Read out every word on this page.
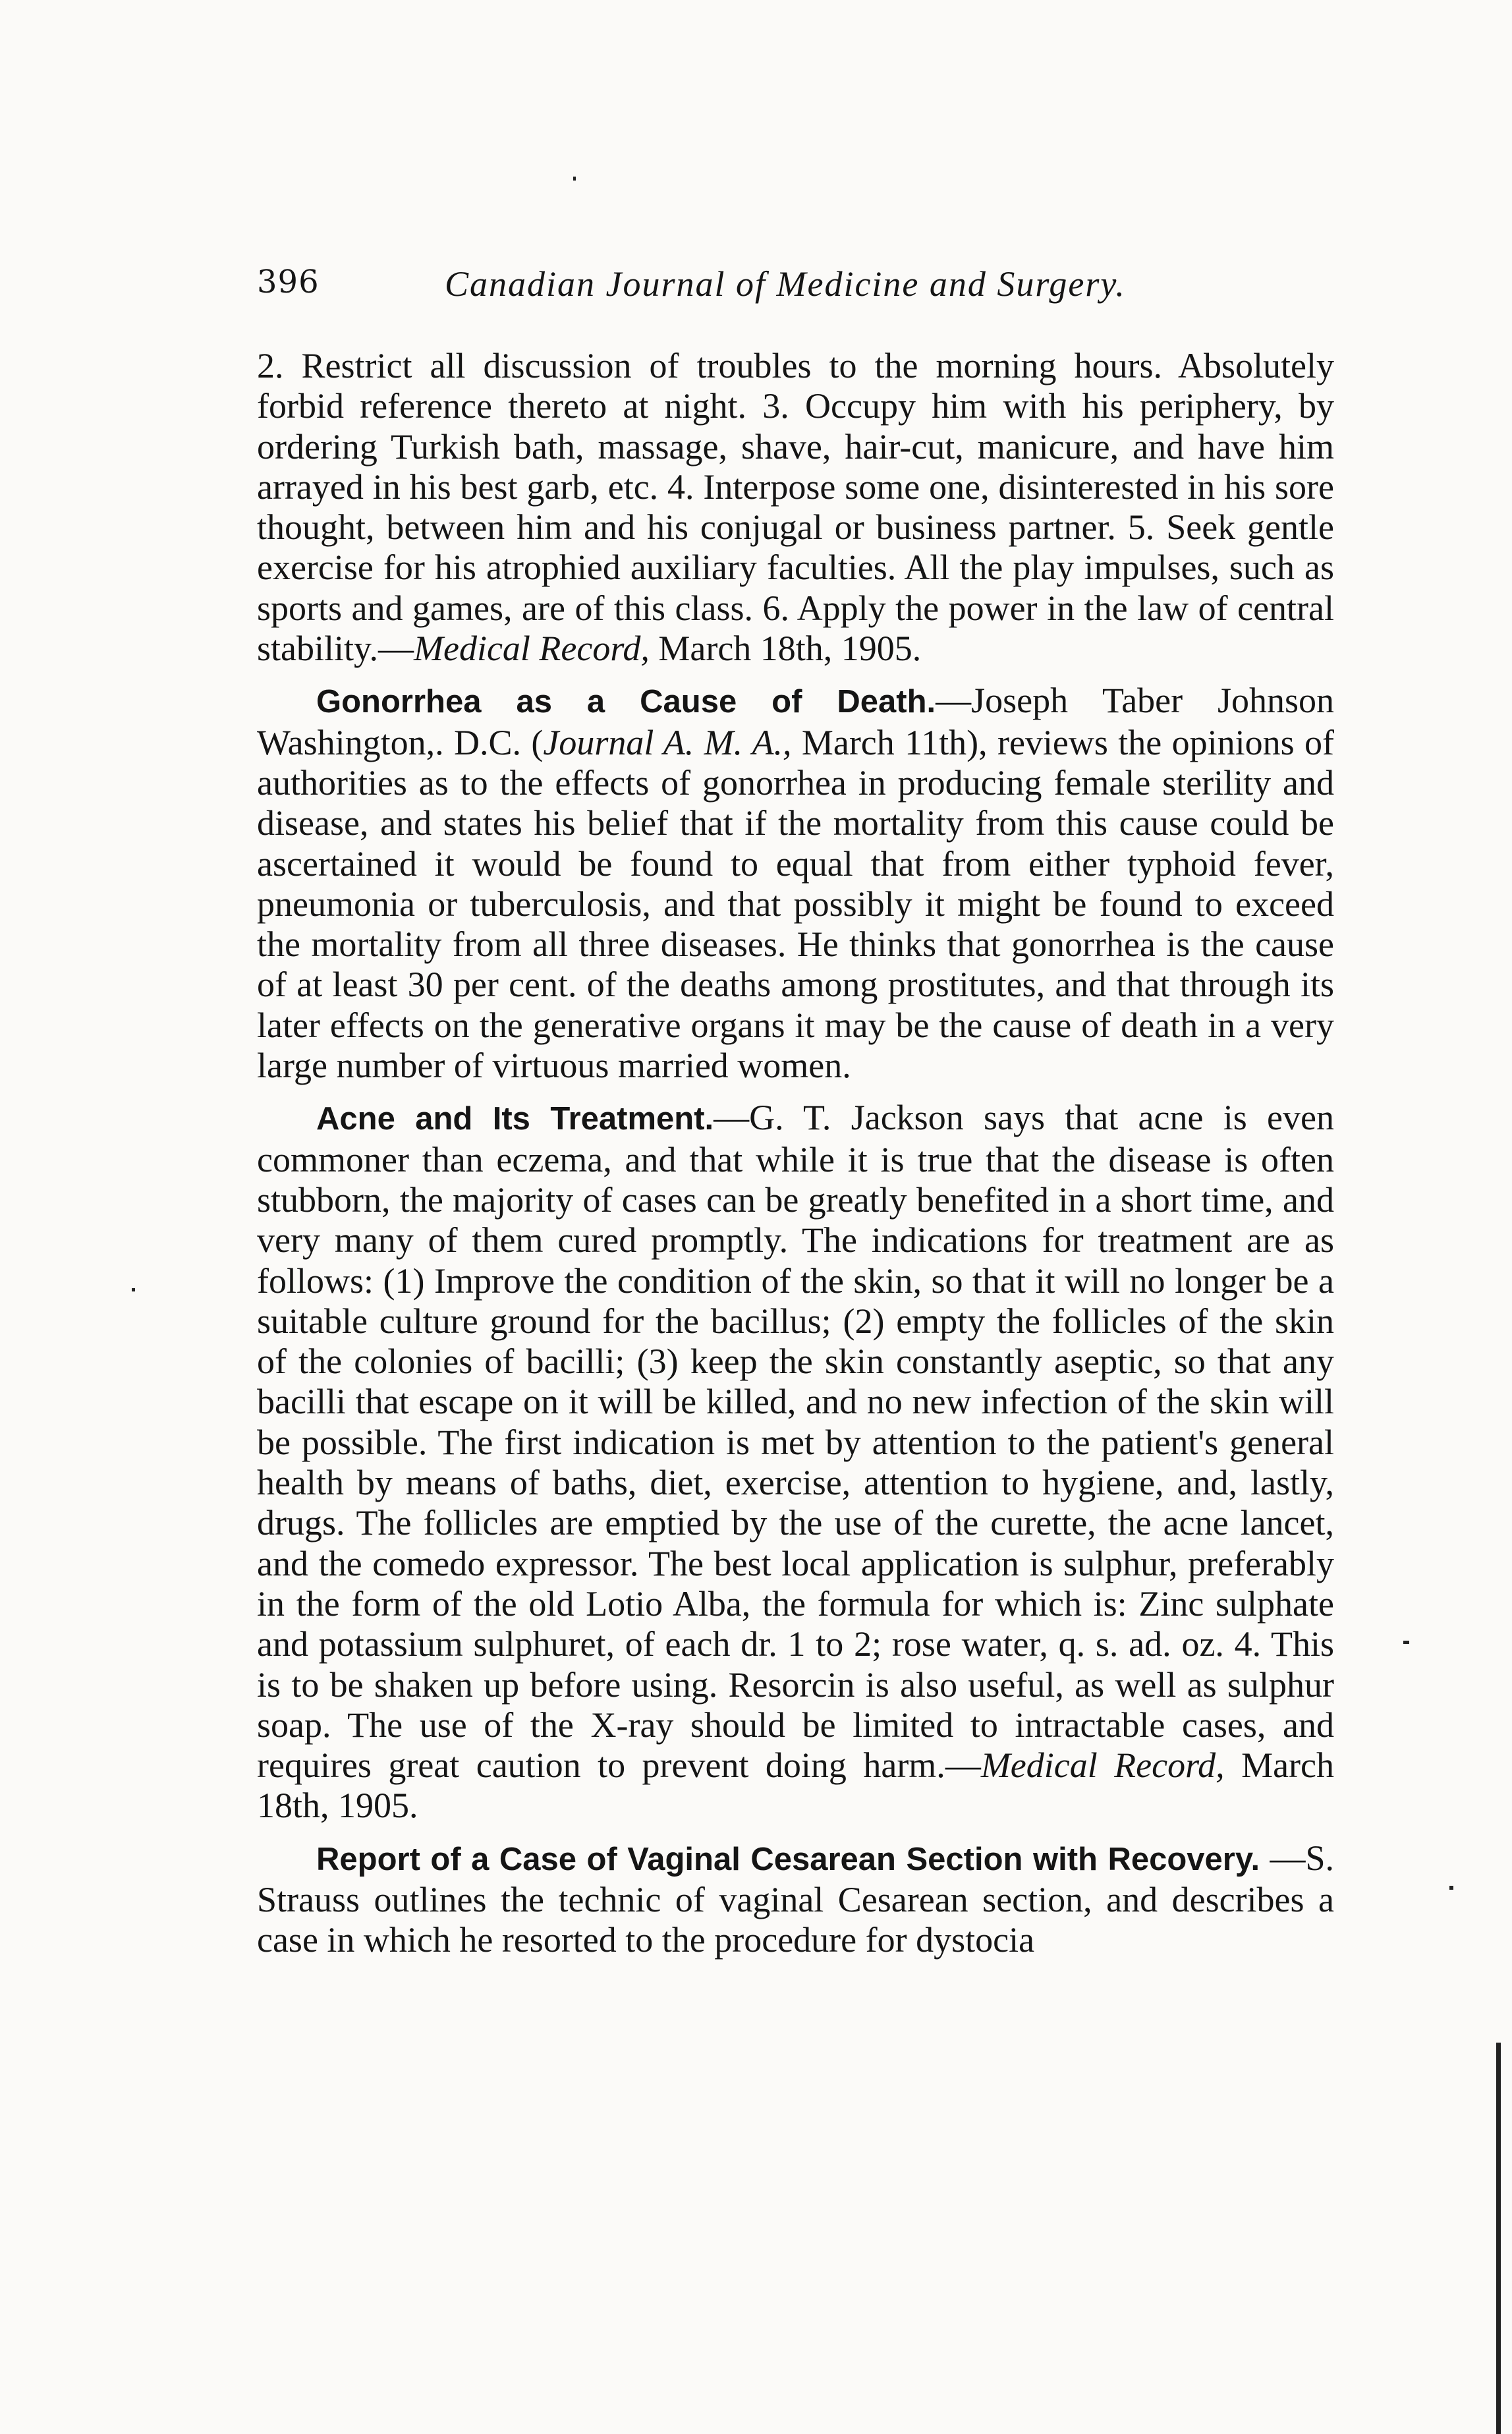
396	Canadian Journal of Medicine and Surgery.

2. Restrict all discussion of troubles to the morning hours. Absolutely forbid reference thereto at night. 3. Occupy him with his periphery, by ordering Turkish bath, massage, shave, hair-cut, manicure, and have him arrayed in his best garb, etc. 4. Interpose some one, disinterested in his sore thought, between him and his conjugal or business partner. 5. Seek gentle exercise for his atrophied auxiliary faculties. All the play impulses, such as sports and games, are of this class. 6. Apply the power in the law of central stability.—Medical Record, March 18th, 1905.

Gonorrhea as a Cause of Death.—Joseph Taber Johnson Washington,. D.C. (Journal A. M. A., March 11th), reviews the opinions of authorities as to the effects of gonorrhea in producing female sterility and disease, and states his belief that if the mortality from this cause could be ascertained it would be found to equal that from either typhoid fever, pneumonia or tuberculosis, and that possibly it might be found to exceed the mortality from all three diseases. He thinks that gonorrhea is the cause of at least 30 per cent. of the deaths among prostitutes, and that through its later effects on the generative organs it may be the cause of death in a very large number of virtuous married women.

Acne and Its Treatment.—G. T. Jackson says that acne is even commoner than eczema, and that while it is true that the disease is often stubborn, the majority of cases can be greatly benefited in a short time, and very many of them cured promptly. The indications for treatment are as follows: (1) Improve the condition of the skin, so that it will no longer be a suitable culture ground for the bacillus; (2) empty the follicles of the skin of the colonies of bacilli; (3) keep the skin constantly aseptic, so that any bacilli that escape on it will be killed, and no new infection of the skin will be possible. The first indication is met by attention to the patient's general health by means of baths, diet, exercise, attention to hygiene, and, lastly, drugs. The follicles are emptied by the use of the curette, the acne lancet, and the comedo expressor. The best local application is sulphur, preferably in the form of the old Lotio Alba, the formula for which is: Zinc sulphate and potassium sulphuret, of each dr. 1 to 2; rose water, q. s. ad. oz. 4. This is to be shaken up before using. Resorcin is also useful, as well as sulphur soap. The use of the X-ray should be limited to intractable cases, and requires great caution to prevent doing harm.—Medical Record, March 18th, 1905.

Report of a Case of Vaginal Cesarean Section with Recovery. —S. Strauss outlines the technic of vaginal Cesarean section, and describes a case in which he resorted to the procedure for dystocia
